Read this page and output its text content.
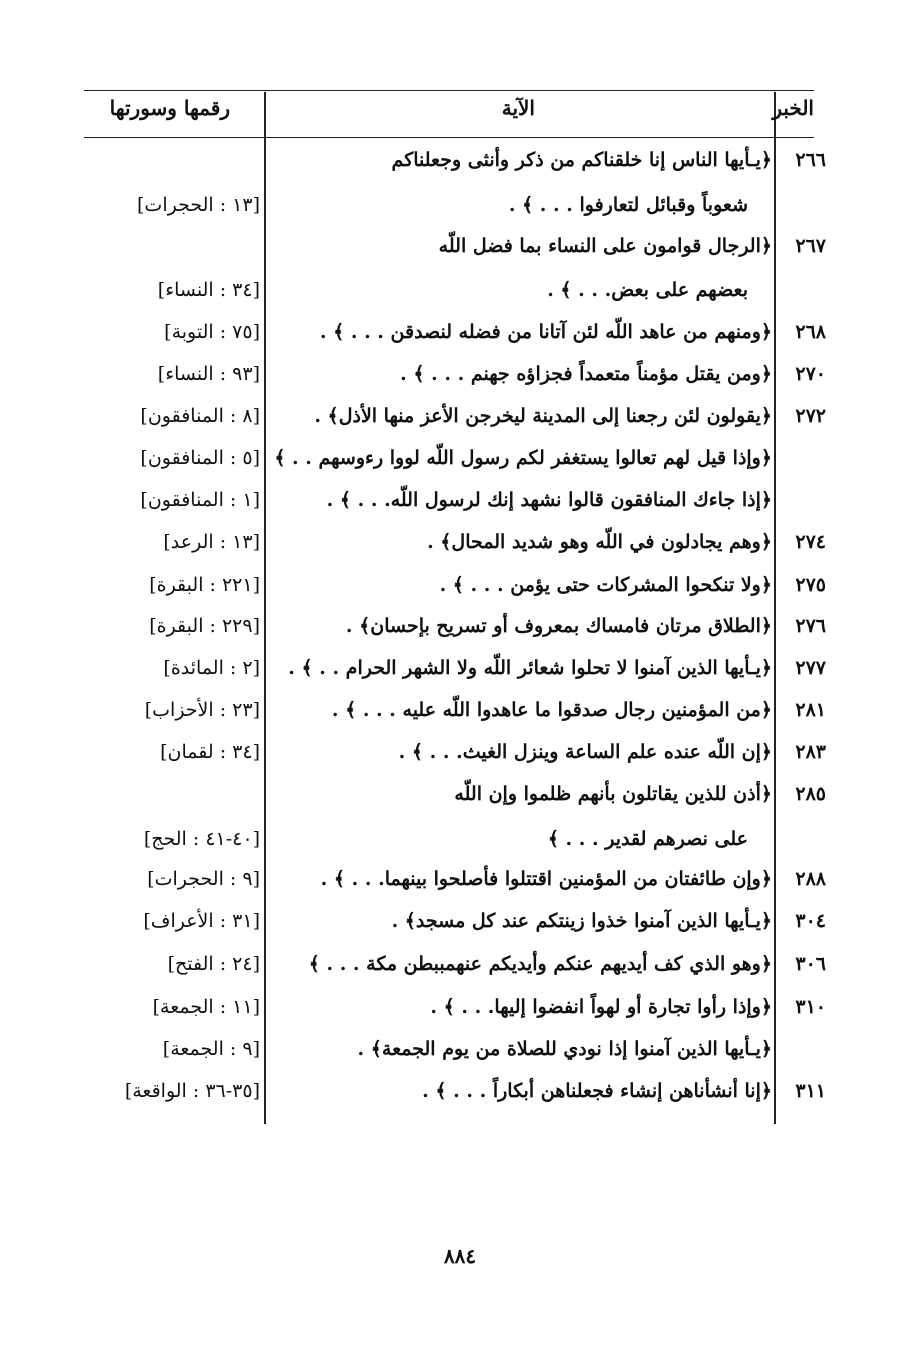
الخبر
الآية
رقمها وسورتها
٢٦٦
﴿يـأيها الناس إنا خلقناكم من ذكر وأنثى وجعلناكم
شعوباً وقبائل لتعارفوا . . . ﴾ .
[١٣ : الحجرات]
٢٦٧
﴿الرجال قوامون على النساء بما فضل اللّه
بعضهم على بعض. . . ﴾ .
[٣٤ : النساء]
٢٦٨
﴿ومنهم من عاهد اللّه لئن آتانا من فضله لنصدقن . . . ﴾ .
[٧٥ : التوبة]
٢٧٠
﴿ومن يقتل مؤمناً متعمداً فجزاؤه جهنم . . . ﴾ .
[٩٣ : النساء]
٢٧٢
﴿يقولون لئن رجعنا إلى المدينة ليخرجن الأعز منها الأذل﴾ .
[٨ : المنافقون]
﴿وإذا قيل لهم تعالوا يستغفر لكم رسول اللّه لووا رءوسهم . . ﴾
[٥ : المنافقون]
﴿إذا جاءك المنافقون قالوا نشهد إنك لرسول اللّه. . . ﴾ .
[١ : المنافقون]
٢٧٤
﴿وهم يجادلون في اللّه وهو شديد المحال﴾ .
[١٣ : الرعد]
٢٧٥
﴿ولا تنكحوا المشركات حتى يؤمن . . . ﴾ .
[٢٢١ : البقرة]
٢٧٦
﴿الطلاق مرتان فامساك بمعروف أو تسريح بإحسان﴾ .
[٢٢٩ : البقرة]
٢٧٧
﴿يـأيها الذين آمنوا لا تحلوا شعائر اللّه ولا الشهر الحرام . . ﴾ .
[٢ : المائدة]
٢٨١
﴿من المؤمنين رجال صدقوا ما عاهدوا اللّه عليه . . . ﴾ .
[٢٣ : الأحزاب]
٢٨٣
﴿إن اللّه عنده علم الساعة وينزل الغيث. . . ﴾ .
[٣٤ : لقمان]
٢٨٥
﴿أذن للذين يقاتلون بأنهم ظلموا وإن اللّه
على نصرهم لقدير . . . ﴾
[٤٠-٤١ : الحج]
٢٨٨
﴿وإن طائفتان من المؤمنين اقتتلوا فأصلحوا بينهما. . . ﴾ .
[٩ : الحجرات]
٣٠٤
﴿يـأيها الذين آمنوا خذوا زينتكم عند كل مسجد﴾ .
[٣١ : الأعراف]
٣٠٦
﴿وهو الذي كف أيديهم عنكم وأيديكم عنهمببطن مكة . . . ﴾
[٢٤ : الفتح]
٣١٠
﴿وإذا رأوا تجارة أو لهواً انفضوا إليها. . . ﴾ .
[١١ : الجمعة]
﴿يـأيها الذين آمنوا إذا نودي للصلاة من يوم الجمعة﴾ .
[٩ : الجمعة]
٣١١
﴿إنا أنشأناهن إنشاء فجعلناهن أبكاراً . . . ﴾ .
[٣٥-٣٦ : الواقعة]
٨٨٤
